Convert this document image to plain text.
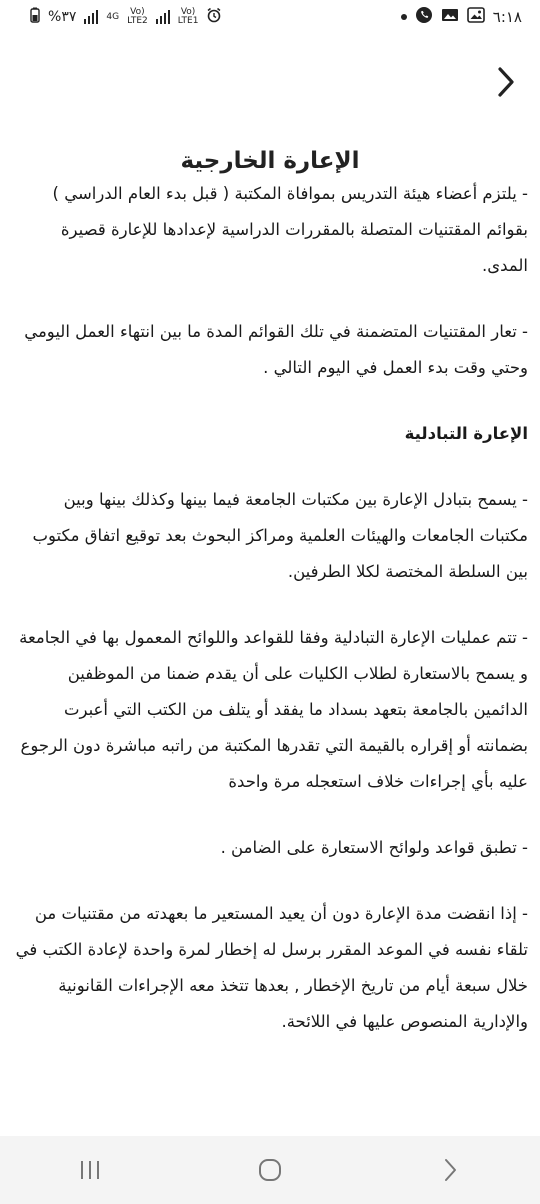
%٣٧	4G	Vo)
LTE2
Vo)
LTE1	٦:١٨
الإعارة الخارجية

- يلتزم أعضاء هيئة التدريس بموافاة المكتبة ( قبل بدء العام الدراسي ) بقوائم المقتنيات المتصلة بالمقررات الدراسية لإعدادها للإعارة قصيرة المدى.

- تعار المقتنيات المتضمنة في تلك القوائم المدة ما بين انتهاء العمل اليومي وحتي وقت بدء العمل في اليوم التالي .

الإعارة التبادلية

- يسمح بتبادل الإعارة بين مكتبات الجامعة فيما بينها وكذلك بينها وبين مكتبات الجامعات والهيئات العلمية ومراكز البحوث بعد توقيع اتفاق مكتوب بين السلطة المختصة لكلا الطرفين.

- تتم عمليات الإعارة التبادلية وفقا للقواعد واللوائح المعمول بها في الجامعة و يسمح بالاستعارة لطلاب الكليات على أن يقدم ضمنا من الموظفين الدائمين بالجامعة بتعهد بسداد ما يفقد أو يتلف من الكتب التي أعبرت بضمانته أو إقراره بالقيمة التي تقدرها المكتبة من راتبه مباشرة دون الرجوع عليه بأي إجراءات خلاف استعجله مرة واحدة

- تطبق قواعد ولوائح الاستعارة على الضامن .

- إذا انقضت مدة الإعارة دون أن يعيد المستعير ما بعهدته من مقتنيات من تلقاء نفسه في الموعد المقرر برسل له إخطار لمرة واحدة لإعادة الكتب في خلال سبعة أيام من تاريخ الإخطار , بعدها تتخذ معه الإجراءات القانونية والإدارية المنصوص عليها في اللائحة.
